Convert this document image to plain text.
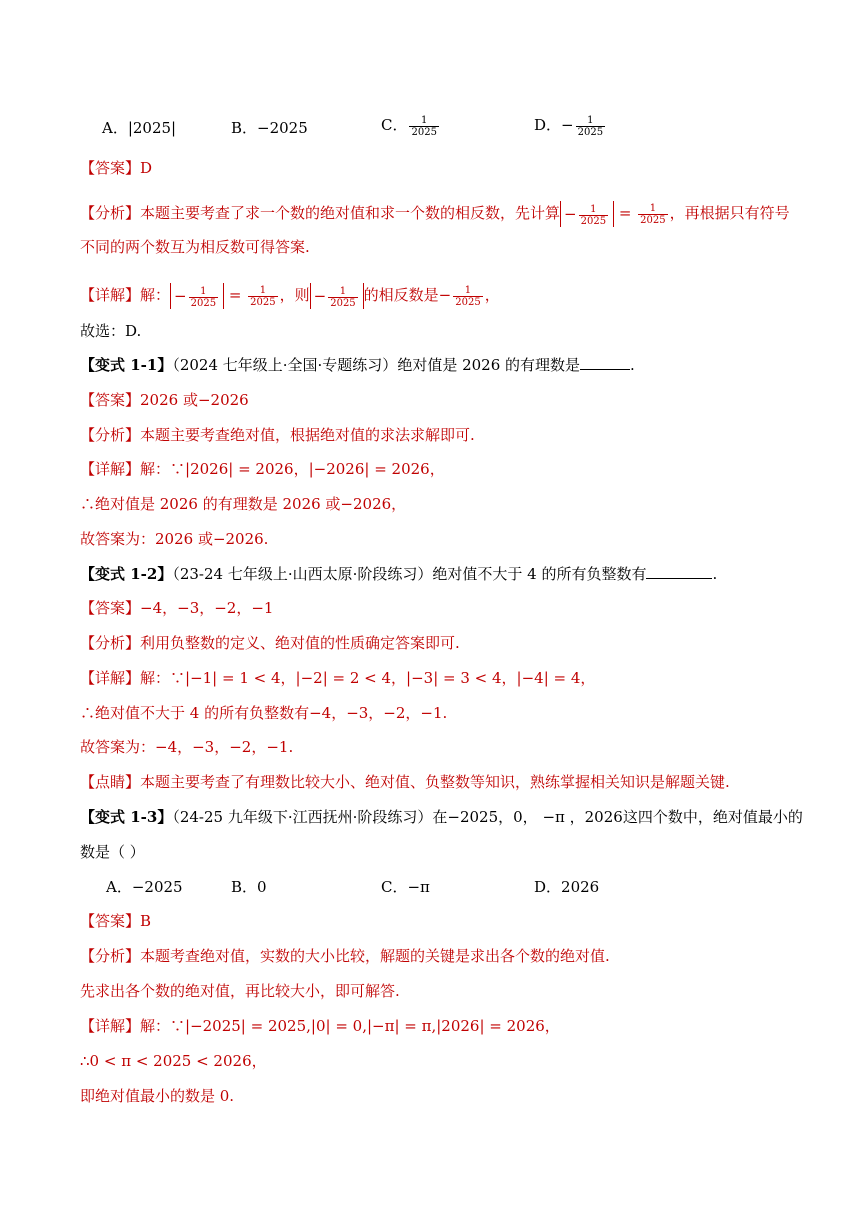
A．|2025|	B．−2025	C． $\frac{1}{2025}$	D．− $\frac{1}{2025}$
【答案】D
【分析】本题主要考查了求一个数的绝对值和求一个数的相反数，先计算 − $\frac{1}{2025} = \frac{1}{2025}$ ，再根据只有符号
不同的两个数互为相反数可得答案.
【详解】解： − $\frac{1}{2025} = \frac{1}{2025}$ ，则 − $\frac{1}{2025}$ 的相反数是− $\frac{1}{2025}$ ，
故选：D.
【变式 1-1】（2024 七年级上·全国·专题练习）绝对值是 2026 的有理数是	.
【答案】2026 或−2026
【分析】本题主要考查绝对值，根据绝对值的求法求解即可.
【详解】解：∵|2026| = 2026，|−2026| = 2026，
∴绝对值是 2026 的有理数是 2026 或−2026，
故答案为：2026 或−2026.
【变式 1-2】（23-24 七年级上·山西太原·阶段练习）绝对值不大于 4 的所有负整数有	.
【答案】−4，−3，−2，−1
【分析】利用负整数的定义、绝对值的性质确定答案即可.
【详解】解：∵|−1| = 1 < 4，|−2| = 2 < 4，|−3| = 3 < 4，|−4| = 4，
∴绝对值不大于 4 的所有负整数有−4，−3，−2，−1.
故答案为：−4，−3，−2，−1.
【点睛】本题主要考查了有理数比较大小、绝对值、负整数等知识，熟练掌握相关知识是解题关键.
【变式 1-3】（24-25 九年级下·江西抚州·阶段练习）在−2025，0， −π ，2026这四个数中，绝对值最小的
数是（ ）
A．−2025	B．0	C．−π	D．2026
【答案】B
【分析】本题考查绝对值，实数的大小比较，解题的关键是求出各个数的绝对值.
先求出各个数的绝对值，再比较大小，即可解答.
【详解】解：∵|−2025| = 2025,|0| = 0,|−π| = π,|2026| = 2026，
∴0 < π < 2025 < 2026，
即绝对值最小的数是 0.
